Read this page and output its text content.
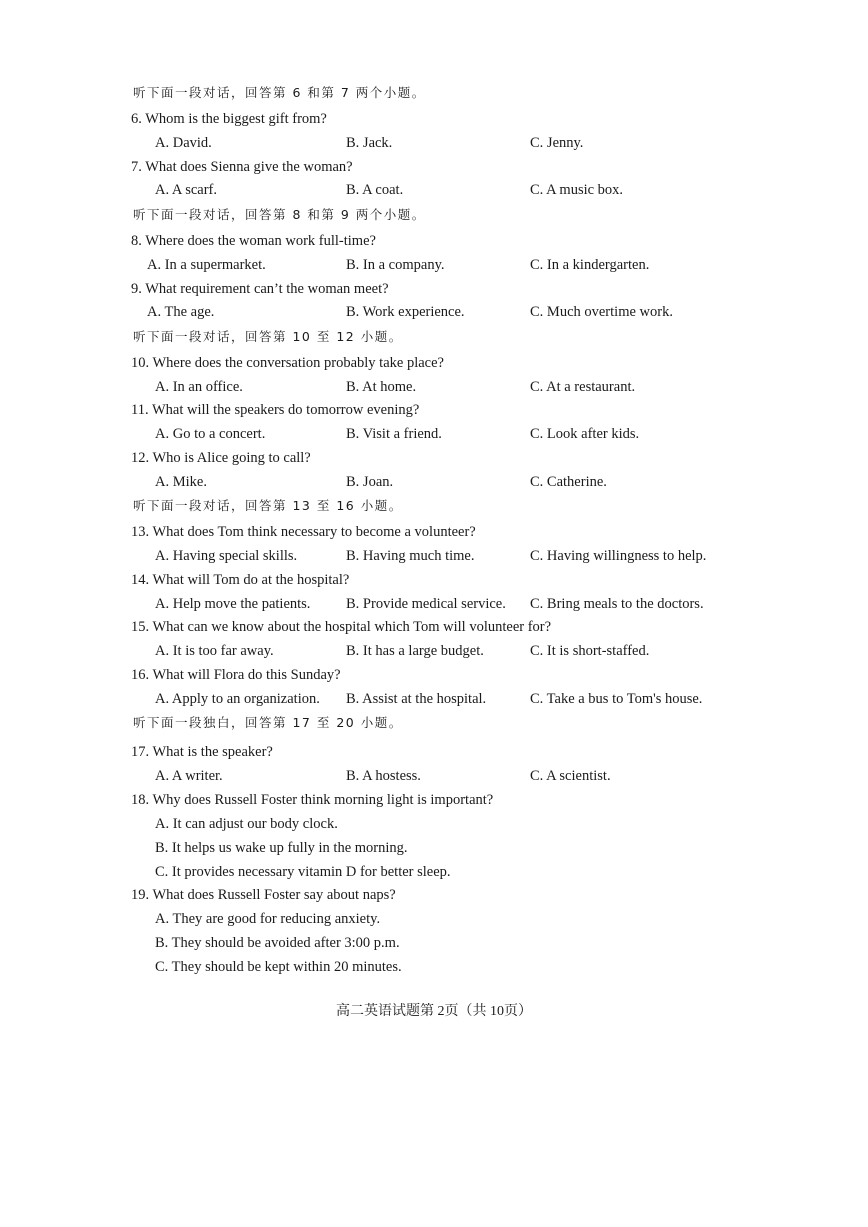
听下面一段对话，回答第 6 和第 7 两个小题。
6. Whom is the biggest gift from?
A. David.	B. Jack.	C. Jenny.
7. What does Sienna give the woman?
A. A scarf.	B. A coat.	C. A music box.
听下面一段对话，回答第 8 和第 9 两个小题。
8. Where does the woman work full-time?
A. In a supermarket.	B. In a company.	C. In a kindergarten.
9. What requirement can’t the woman meet?
A. The age.	B. Work experience.	C. Much overtime work.
听下面一段对话，回答第 10 至 12 小题。
10. Where does the conversation probably take place?
A. In an office.	B. At home.	C. At a restaurant.
11. What will the speakers do tomorrow evening?
A. Go to a concert.	B. Visit a friend.	C. Look after kids.
12. Who is Alice going to call?
A. Mike.	B. Joan.	C. Catherine.
听下面一段对话，回答第 13 至 16 小题。
13. What does Tom think necessary to become a volunteer?
A. Having special skills.	B. Having much time.	C. Having willingness to help.
14. What will Tom do at the hospital?
A. Help move the patients. B. Provide medical service. C. Bring meals to the doctors.
15. What can we know about the hospital which Tom will volunteer for?
A. It is too far away.	B. It has a large budget.	C. It is short-staffed.
16. What will Flora do this Sunday?
A. Apply to an organization. B. Assist at the hospital.	C. Take a bus to Tom's house.
听下面一段独白，回答第 17 至 20 小题。
17. What is the speaker?
A. A writer.	B. A hostess.	C. A scientist.
18. Why does Russell Foster think morning light is important?
A. It can adjust our body clock.
B. It helps us wake up fully in the morning.
C. It provides necessary vitamin D for better sleep.
19. What does Russell Foster say about naps?
A. They are good for reducing anxiety.
B. They should be avoided after 3:00 p.m.
C. They should be kept within 20 minutes.
高二英语试题第 2页（共 10页）
